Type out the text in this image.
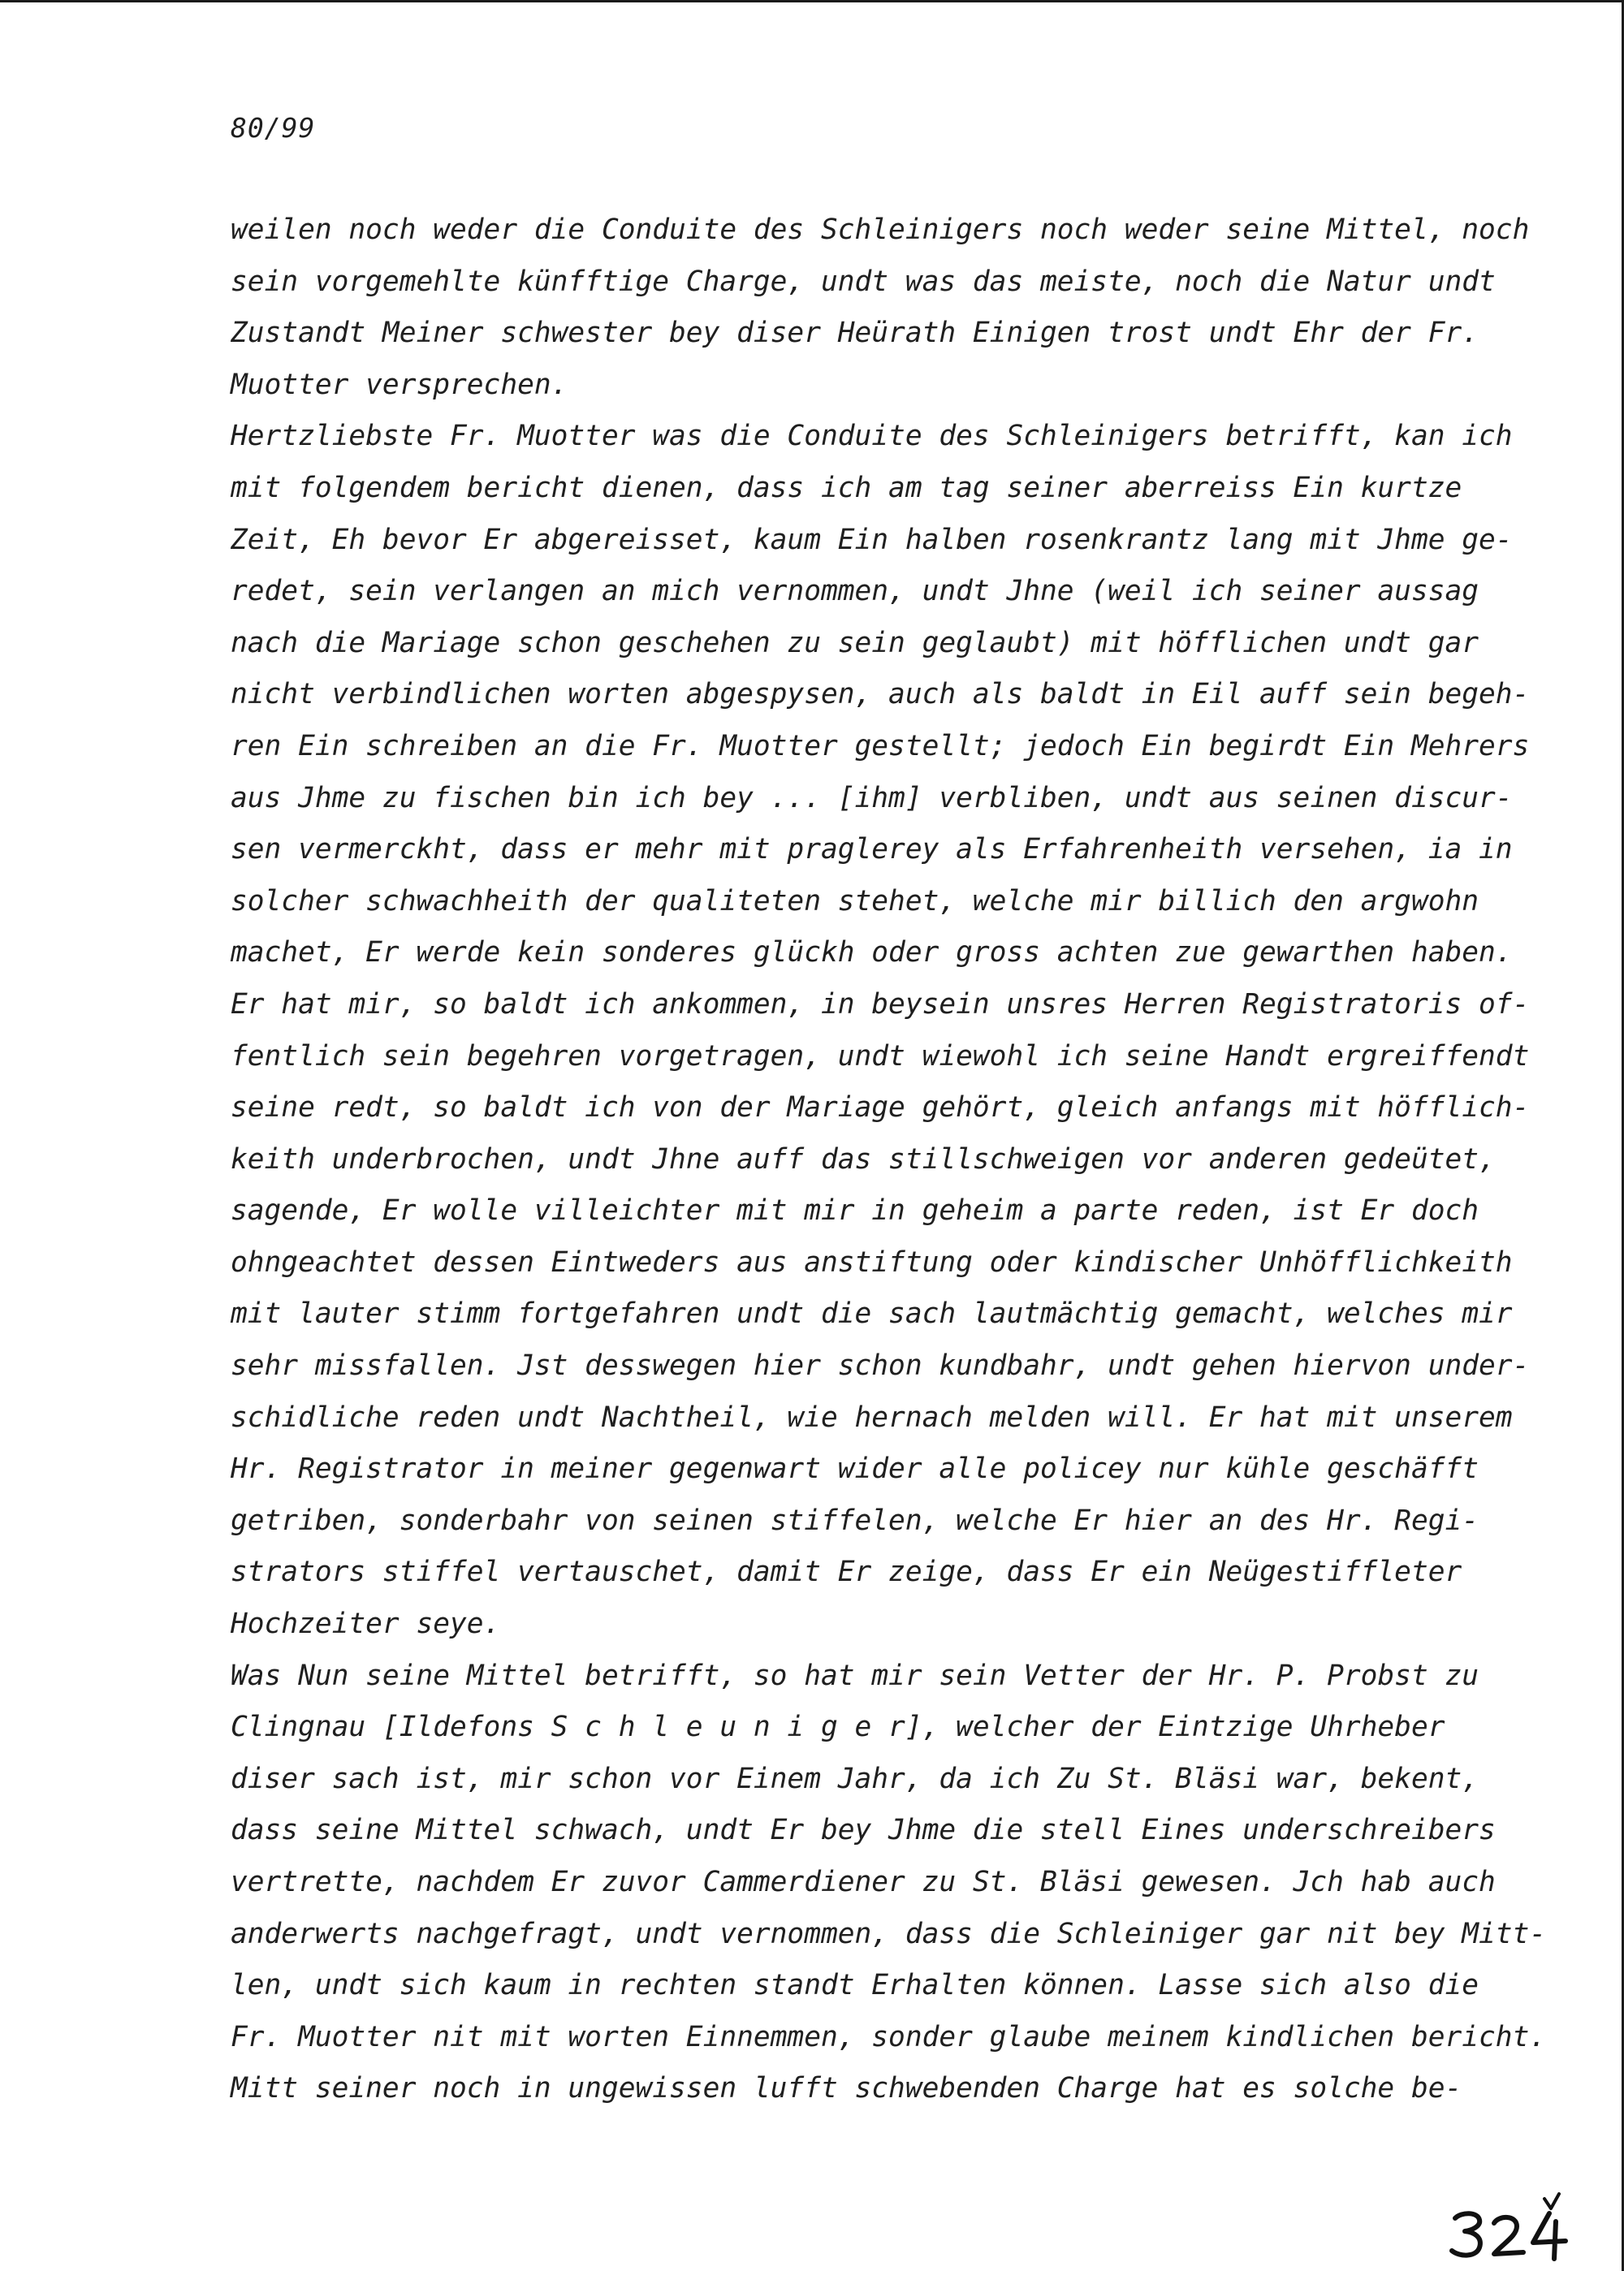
80/99
weilen noch weder die Conduite des Schleinigers noch weder seine Mittel, noch
sein vorgemehlte künfftige Charge, undt was das meiste, noch die Natur undt
Zustandt Meiner schwester bey diser Heürath Einigen trost undt Ehr der Fr.
Muotter versprechen.
Hertzliebste Fr. Muotter was die Conduite des Schleinigers betrifft, kan ich
mit folgendem bericht dienen, dass ich am tag seiner aberreiss Ein kurtze
Zeit, Eh bevor Er abgereisset, kaum Ein halben rosenkrantz lang mit Jhme ge-
redet, sein verlangen an mich vernommen, undt Jhne (weil ich seiner aussag
nach die Mariage schon geschehen zu sein geglaubt) mit höfflichen undt gar
nicht verbindlichen worten abgespysen, auch als baldt in Eil auff sein begeh-
ren Ein schreiben an die Fr. Muotter gestellt; jedoch Ein begirdt Ein Mehrers
aus Jhme zu fischen bin ich bey ... [ihm] verbliben, undt aus seinen discur-
sen vermerckht, dass er mehr mit praglerey als Erfahrenheith versehen, ia in
solcher schwachheith der qualiteten stehet, welche mir billich den argwohn
machet, Er werde kein sonderes glückh oder gross achten zue gewarthen haben.
Er hat mir, so baldt ich ankommen, in beysein unsres Herren Registratoris of-
fentlich sein begehren vorgetragen, undt wiewohl ich seine Handt ergreiffendt
seine redt, so baldt ich von der Mariage gehört, gleich anfangs mit höfflich-
keith underbrochen, undt Jhne auff das stillschweigen vor anderen gedeütet,
sagende, Er wolle villeichter mit mir in geheim a parte reden, ist Er doch
ohngeachtet dessen Eintweders aus anstiftung oder kindischer Unhöfflichkeith
mit lauter stimm fortgefahren undt die sach lautmächtig gemacht, welches mir
sehr missfallen. Jst desswegen hier schon kundbahr, undt gehen hiervon under-
schidliche reden undt Nachtheil, wie hernach melden will. Er hat mit unserem
Hr. Registrator in meiner gegenwart wider alle policey nur kühle geschäfft
getriben, sonderbahr von seinen stiffelen, welche Er hier an des Hr. Regi-
strators stiffel vertauschet, damit Er zeige, dass Er ein Neügestiffleter
Hochzeiter seye.
Was Nun seine Mittel betrifft, so hat mir sein Vetter der Hr. P. Probst zu
Clingnau [Ildefons S c h l e u n i g e r], welcher der Eintzige Uhrheber
diser sach ist, mir schon vor Einem Jahr, da ich Zu St. Bläsi war, bekent,
dass seine Mittel schwach, undt Er bey Jhme die stell Eines underschreibers
vertrette, nachdem Er zuvor Cammerdiener zu St. Bläsi gewesen. Jch hab auch
anderwerts nachgefragt, undt vernommen, dass die Schleiniger gar nit bey Mitt-
len, undt sich kaum in rechten standt Erhalten können. Lasse sich also die
Fr. Muotter nit mit worten Einnemmen, sonder glaube meinem kindlichen bericht.
Mitt seiner noch in ungewissen lufft schwebenden Charge hat es solche be-
